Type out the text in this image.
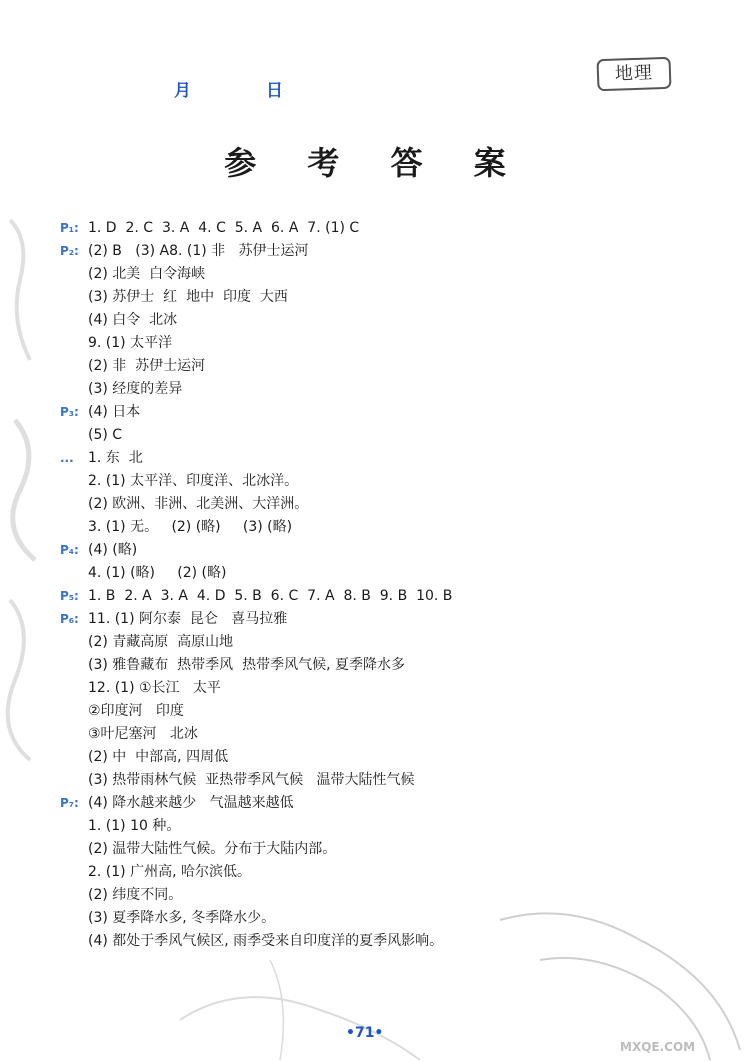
月	日
地理
参 考 答 案
P₁: 1. D  2. C  3. A  4. C  5. A  6. A  7. (1) C
P₂: (2) B   (3) A8. (1) 非   苏伊士运河
(2) 北美  白令海峡
(3) 苏伊士  红  地中  印度  大西
(4) 白令  北冰
9. (1) 太平洋
(2) 非  苏伊士运河
(3) 经度的差异
P₃: (4) 日本
(5) C
... 1. 东  北
2. (1) 太平洋、印度洋、北冰洋。
(2) 欧洲、非洲、北美洲、大洋洲。
3. (1) 无。   (2) (略)     (3) (略)
P₄: (4) (略)
4. (1) (略)     (2) (略)
P₅: 1. B  2. A  3. A  4. D  5. B  6. C  7. A  8. B  9. B  10. B
P₆: 11. (1) 阿尔泰  昆仑   喜马拉雅
(2) 青藏高原  高原山地
(3) 雅鲁藏布  热带季风  热带季风气候, 夏季降水多
12. (1) ①长江   太平
②印度河   印度
③叶尼塞河   北冰
(2) 中  中部高, 四周低
(3) 热带雨林气候  亚热带季风气候   温带大陆性气候
P₇: (4) 降水越来越少   气温越来越低
1. (1) 10 种。
(2) 温带大陆性气候。分布于大陆内部。
2. (1) 广州高, 哈尔滨低。
(2) 纬度不同。
(3) 夏季降水多, 冬季降水少。
(4) 都处于季风气候区, 雨季受来自印度洋的夏季风影响。
•71•
MXQE.COM
